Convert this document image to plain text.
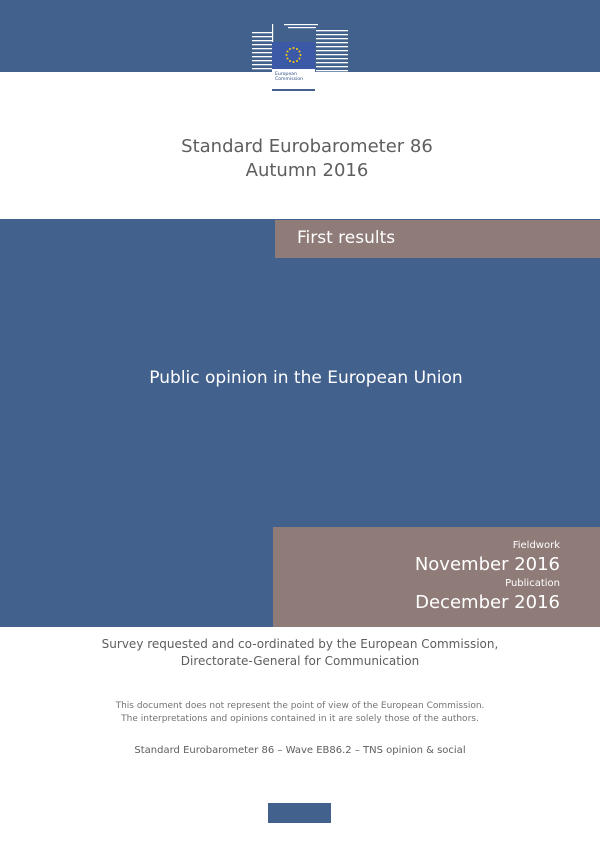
European
Commission
Standard Eurobarometer 86
Autumn 2016
First results
Public opinion in the European Union
Fieldwork
November 2016
Publication
December 2016
Survey requested and co-ordinated by the European Commission,
Directorate-General for Communication
This document does not represent the point of view of the European Commission.
The interpretations and opinions contained in it are solely those of the authors.
Standard Eurobarometer 86 – Wave EB86.2 – TNS opinion & social
